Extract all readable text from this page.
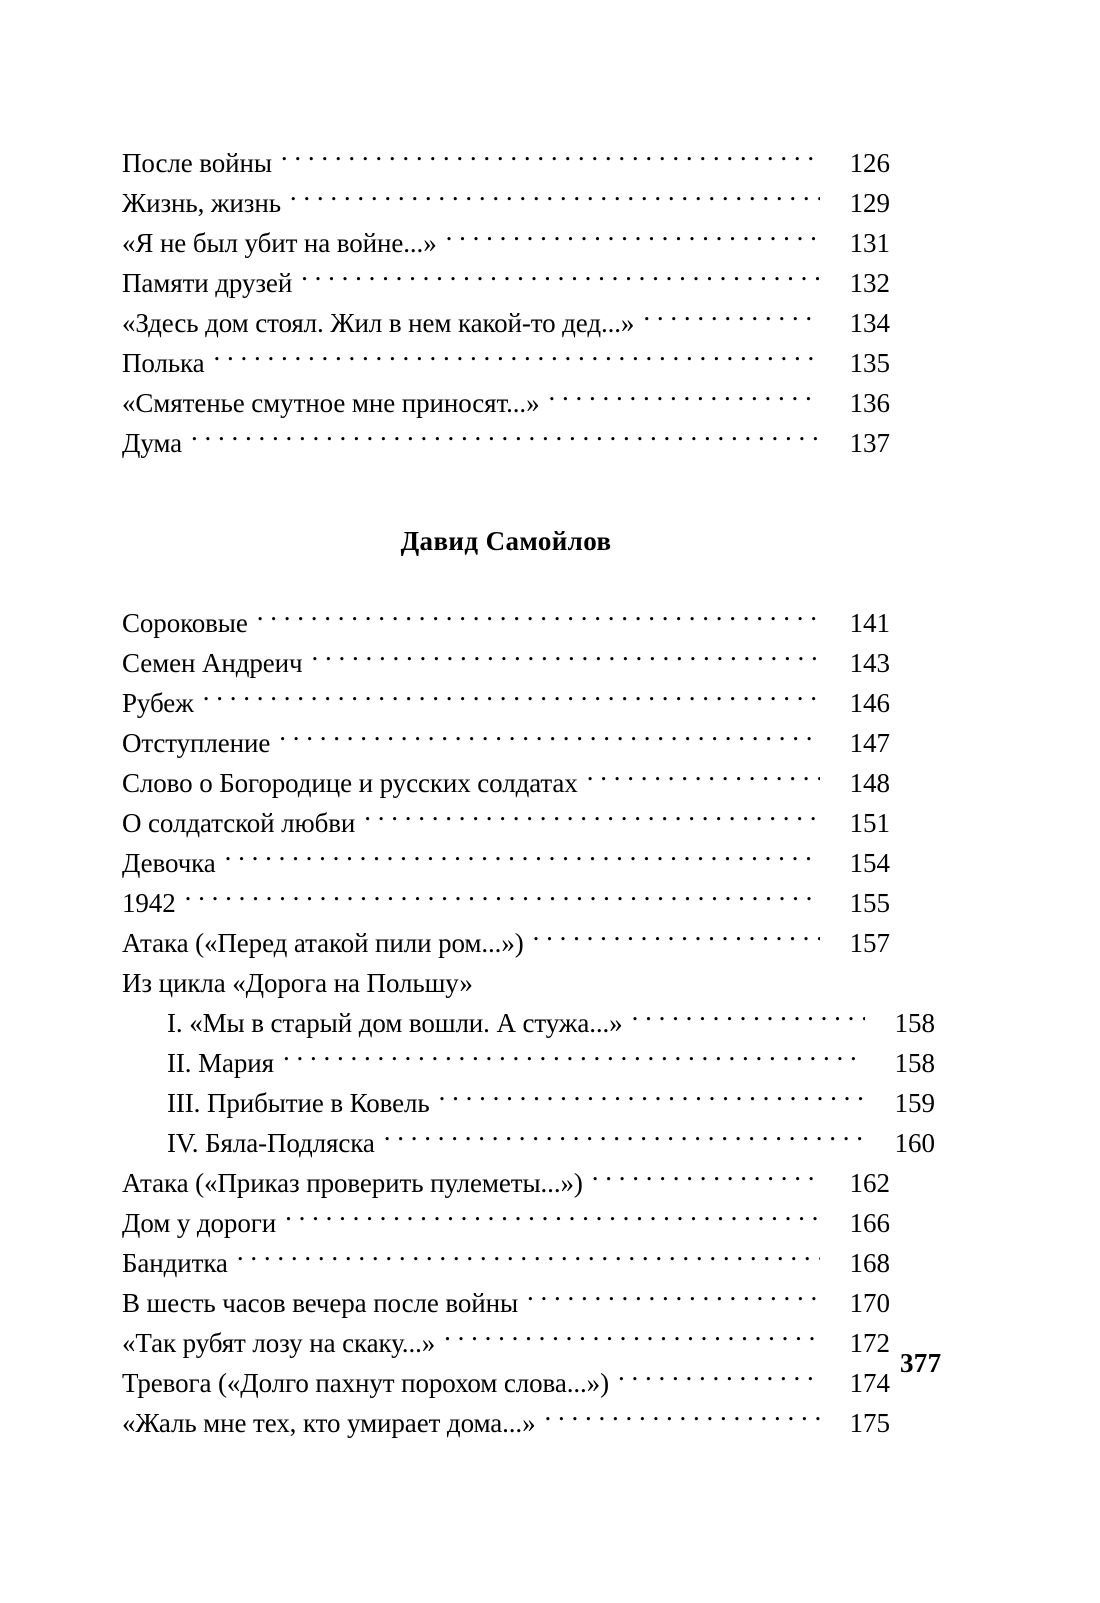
После войны . . .	126
Жизнь, жизнь . . .	129
«Я не был убит на войне...» . . .	131
Памяти друзей . . .	132
«Здесь дом стоял. Жил в нем какой-то дед...» . . .	134
Полька . . .	135
«Смятенье смутное мне приносят...» . . .	136
Дума . . .	137
Давид Самойлов
Сороковые . . .	141
Семен Андреич . . .	143
Рубеж . . .	146
Отступление . . .	147
Слово о Богородице и русских солдатах . . .	148
О солдатской любви . . .	151
Девочка . . .	154
1942 . . .	155
Атака («Перед атакой пили ром...») . . .	157
Из цикла «Дорога на Польшу»
I. «Мы в старый дом вошли. А стужа...» . . .	158
II. Мария . . .	158
III. Прибытие в Ковель . . .	159
IV. Бяла-Подляска . . .	160
Атака («Приказ проверить пулеметы...») . . .	162
Дом у дороги . . .	166
Бандитка . . .	168
В шесть часов вечера после войны . . .	170
«Так рубят лозу на скаку...» . . .	172
Тревога («Долго пахнут порохом слова...») . . .	174
«Жаль мне тех, кто умирает дома...» . . .	175
377
